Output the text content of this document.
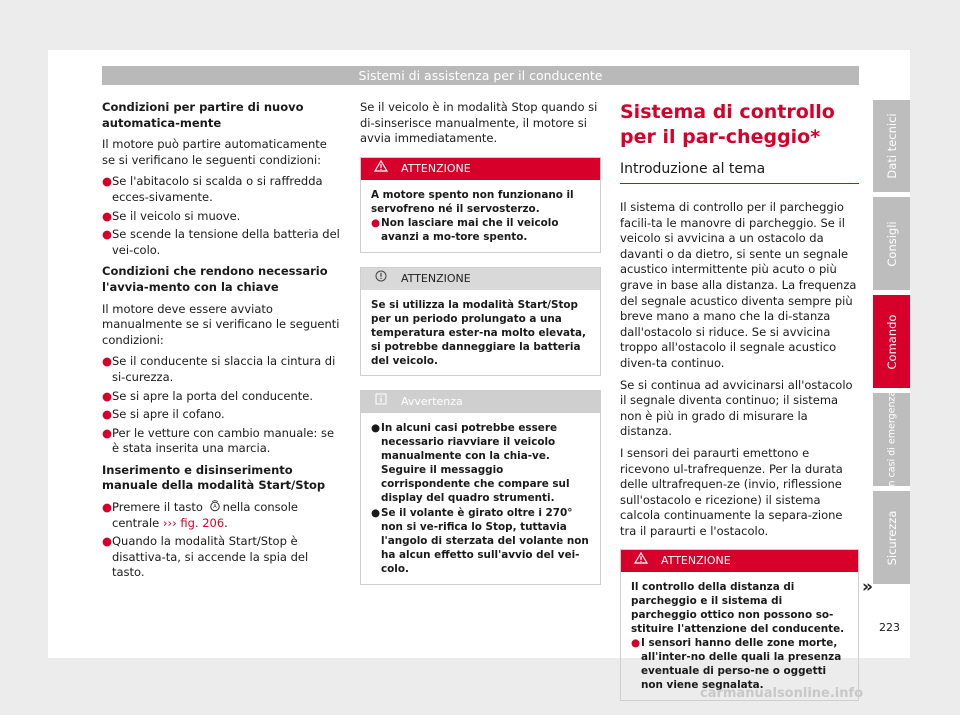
Sistemi di assistenza per il conducente

Condizioni per partire di nuovo automatica-mente

Il motore può partire automaticamente se si verificano le seguenti condizioni:

● Se l'abitacolo si scalda o si raffredda ecces-sivamente.
● Se il veicolo si muove.
● Se scende la tensione della batteria del vei-colo.

Condizioni che rendono necessario l'avvia-mento con la chiave

Il motore deve essere avviato manualmente se si verificano le seguenti condizioni:

● Se il conducente si slaccia la cintura di si-curezza.
● Se si apre la porta del conducente.
● Se si apre il cofano.
● Per le vetture con cambio manuale: se è stata inserita una marcia.

Inserimento e disinserimento manuale della modalità Start/Stop

● Premere il tasto A nella console centrale ››› fig. 206.
● Quando la modalità Start/Stop è disattiva-ta, si accende la spia del tasto.

Se il veicolo è in modalità Stop quando si di-sinserisce manualmente, il motore si avvia immediatamente.

ATTENZIONE

A motore spento non funzionano il servofreno né il servosterzo.

● Non lasciare mai che il veicolo avanzi a mo-tore spento.
ATTENZIONE

Se si utilizza la modalità Start/Stop per un periodo prolungato a una temperatura ester-na molto elevata, si potrebbe danneggiare la batteria del veicolo.

Avvertenza
● In alcuni casi potrebbe essere necessario riavviare il veicolo manualmente con la chia-ve. Seguire il messaggio corrispondente che compare sul display del quadro strumenti.
● Se il volante è girato oltre i 270° non si ve-rifica lo Stop, tuttavia l'angolo di sterzata del volante non ha alcun effetto sull'avvio del vei-colo.
Sistema di controllo per il par-cheggio*
Introduzione al tema

Il sistema di controllo per il parcheggio facili-ta le manovre di parcheggio. Se il veicolo si avvicina a un ostacolo da davanti o da dietro, si sente un segnale acustico intermittente più acuto o più grave in base alla distanza. La frequenza del segnale acustico diventa sempre più breve mano a mano che la di-stanza dall'ostacolo si riduce. Se si avvicina troppo all'ostacolo il segnale acustico diven-ta continuo.

Se si continua ad avvicinarsi all'ostacolo il segnale diventa continuo; il sistema non è più in grado di misurare la distanza.

I sensori dei paraurti emettono e ricevono ul-trafrequenze. Per la durata delle ultrafrequen-ze (invio, riflessione sull'ostacolo e ricezione) il sistema calcola continuamente la separa-zione tra il paraurti e l'ostacolo.

ATTENZIONE

Il controllo della distanza di parcheggio e il sistema di parcheggio ottico non possono so-stituire l'attenzione del conducente.

● I sensori hanno delle zone morte, all'inter-no delle quali la presenza eventuale di perso-ne o oggetti non viene segnalata.
»
Dati tecnici
Consigli
Comando
In casi di emergenza
Sicurezza
223
carmanualsonline.info
